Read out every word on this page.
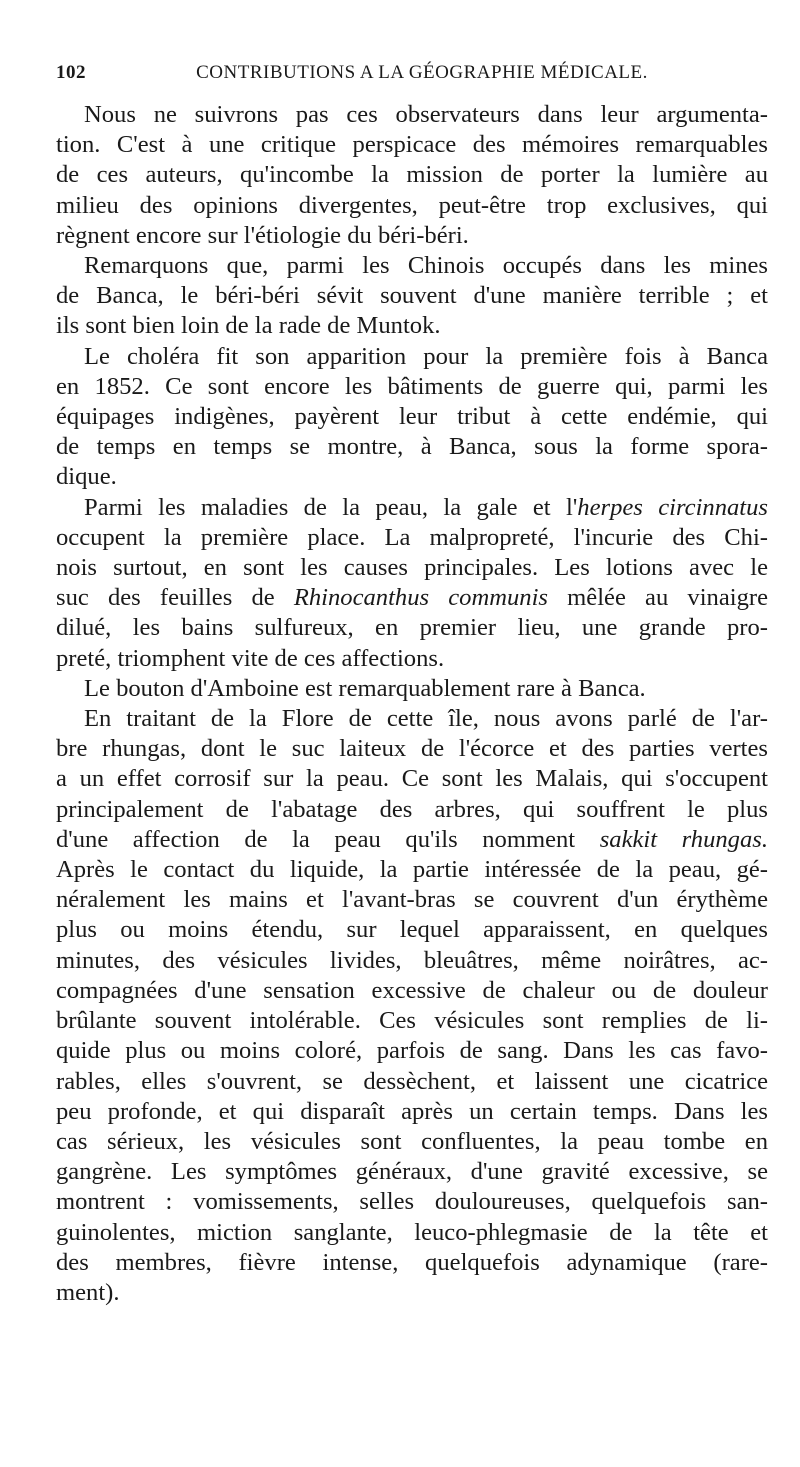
102	CONTRIBUTIONS A LA GÉOGRAPHIE MÉDICALE.

Nous ne suivrons pas ces observateurs dans leur argumenta-
tion. C'est à une critique perspicace des mémoires remarquables
de ces auteurs, qu'incombe la mission de porter la lumière au
milieu des opinions divergentes, peut-être trop exclusives, qui
règnent encore sur l'étiologie du béri-béri.

Remarquons que, parmi les Chinois occupés dans les mines
de Banca, le béri-béri sévit souvent d'une manière terrible ; et
ils sont bien loin de la rade de Muntok.

Le choléra fit son apparition pour la première fois à Banca
en 1852. Ce sont encore les bâtiments de guerre qui, parmi les
équipages indigènes, payèrent leur tribut à cette endémie, qui
de temps en temps se montre, à Banca, sous la forme spora-
dique.

Parmi les maladies de la peau, la gale et l'herpes circinnatus
occupent la première place. La malpropreté, l'incurie des Chi-
nois surtout, en sont les causes principales. Les lotions avec le
suc des feuilles de Rhinocanthus communis mêlée au vinaigre
dilué, les bains sulfureux, en premier lieu, une grande pro-
preté, triomphent vite de ces affections.

Le bouton d'Amboine est remarquablement rare à Banca.

En traitant de la Flore de cette île, nous avons parlé de l'ar-
bre rhungas, dont le suc laiteux de l'écorce et des parties vertes
a un effet corrosif sur la peau. Ce sont les Malais, qui s'occupent
principalement de l'abatage des arbres, qui souffrent le plus
d'une affection de la peau qu'ils nomment sakkit rhungas.
Après le contact du liquide, la partie intéressée de la peau, gé-
néralement les mains et l'avant-bras se couvrent d'un érythème
plus ou moins étendu, sur lequel apparaissent, en quelques
minutes, des vésicules livides, bleuâtres, même noirâtres, ac-
compagnées d'une sensation excessive de chaleur ou de douleur
brûlante souvent intolérable. Ces vésicules sont remplies de li-
quide plus ou moins coloré, parfois de sang. Dans les cas favo-
rables, elles s'ouvrent, se dessèchent, et laissent une cicatrice
peu profonde, et qui disparaît après un certain temps. Dans les
cas sérieux, les vésicules sont confluentes, la peau tombe en
gangrène. Les symptômes généraux, d'une gravité excessive, se
montrent : vomissements, selles douloureuses, quelquefois san-
guinolentes, miction sanglante, leuco-phlegmasie de la tête et
des membres, fièvre intense, quelquefois adynamique (rare-
ment).
